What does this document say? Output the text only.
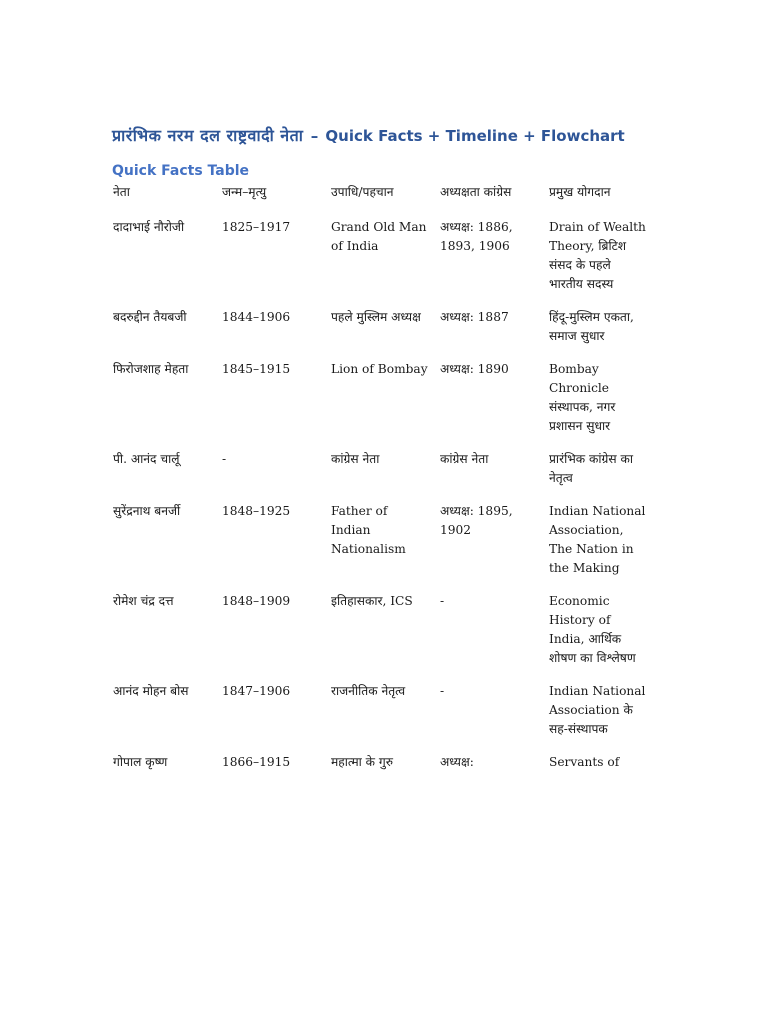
प्रारंभिक नरम दल राष्ट्रवादी नेता – Quick Facts + Timeline + Flowchart
Quick Facts Table
नेता	जन्म–मृत्यु	उपाधि/पहचान	अध्यक्षता कांग्रेस	प्रमुख योगदान
दादाभाई नौरोजी	1825–1917	Grand Old Man of India	अध्यक्ष: 1886, 1893, 1906	Drain of Wealth Theory, ब्रिटिश संसद के पहले भारतीय सदस्य
बदरुद्दीन तैयबजी	1844–1906	पहले मुस्लिम अध्यक्ष	अध्यक्ष: 1887	हिंदू-मुस्लिम एकता, समाज सुधार
फिरोजशाह मेहता	1845–1915	Lion of Bombay	अध्यक्ष: 1890	Bombay Chronicle संस्थापक, नगर प्रशासन सुधार
पी. आनंद चार्लू	-	कांग्रेस नेता	कांग्रेस नेता	प्रारंभिक कांग्रेस का नेतृत्व
सुरेंद्रनाथ बनर्जी	1848–1925	Father of Indian Nationalism	अध्यक्ष: 1895, 1902	Indian National Association, The Nation in the Making
रोमेश चंद्र दत्त	1848–1909	इतिहासकार, ICS	-	Economic History of India, आर्थिक शोषण का विश्लेषण
आनंद मोहन बोस	1847–1906	राजनीतिक नेतृत्व	-	Indian National Association के सह-संस्थापक
गोपाल कृष्ण	1866–1915	महात्मा के गुरु	अध्यक्ष:	Servants of
